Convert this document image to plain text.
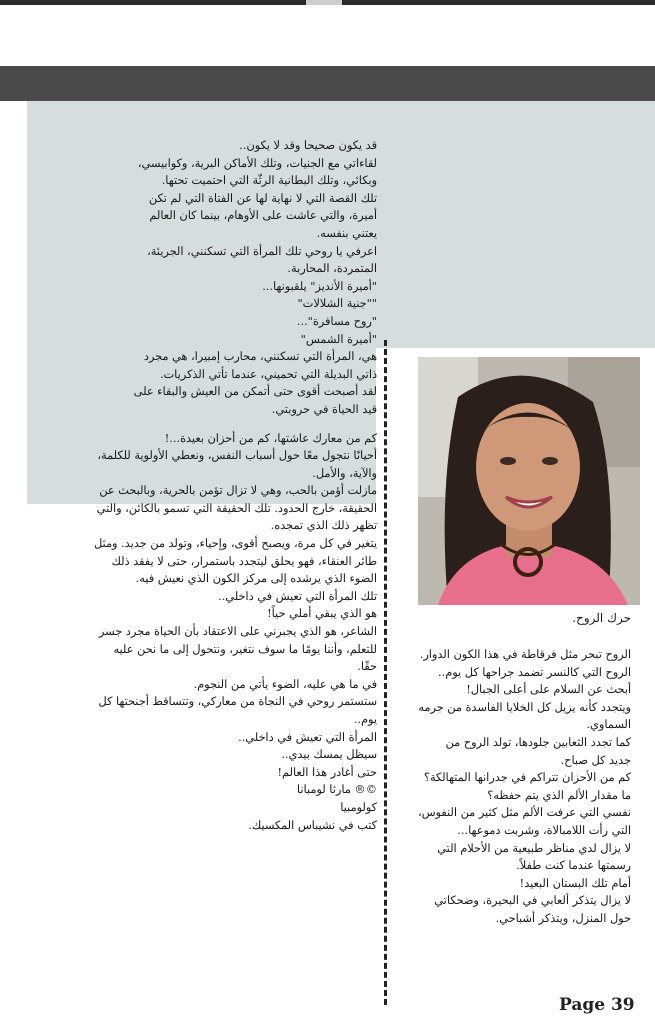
قد يكون صحيحا وقد لا يكون..

لقاءاتي مع الجنيات، وتلك الأماكن البرية، وكوابيسي،

وبكائي، وتلك البطانية الرثّة التي احتميت تحتها.

تلك القصة التي لا نهاية لها عن الفتاة التي لم تكن

أميرة، والتي عاشت على الأوهام، بينما كان العالم

يعتني بنفسه.

اعرفي يا روحي تلك المرأة التي تسكنني، الجريئة،

المتمردة، المحاربة.

"أميرة الأنديز" يلقبونها...

""جنية الشلالات"

"روح مسافرة"...

"أميرة الشمس"

هي، المرأة التي تسكنني، محارب إمبيرا، هي مجرد

ذاتي البديلة التي تحميني، عندما تأتي الذكريات.

لقد أصبحت أقوى حتى أتمكن من العيش والبقاء على

قيد الحياة في حروبتي.

كم من معارك عاشتها، كم من أحزان بعيدة...!

أحيانًا نتجول معًا حول أسباب النفس، ونعطي الأولوية للكلمة،

والآية، والأمل.

مازلت أؤمن بالحب، وهي لا تزال تؤمن بالحرية، وبالبحث عن

الحقيقة، خارج الحدود. تلك الحقيقة التي تسمو بالكائن، والتي

تظهر ذلك الذي تمجده.

يتغير في كل مرة، ويصبح أقوى، وإحياء، وتولد من جديد. ومثل

طائر العنقاء، فهو يحلق ليتجدد باستمرار، حتى لا يفقد ذلك

الضوء الذي يرشده إلى مركز الكون الذي نعيش فيه.

تلك المرأة التي تعيش في داخلي..

هو الذي يبقي أملي حياً!

الشاعر، هو الذي يجبرني على الاعتقاد بأن الحياة مجرد جسر

للتعلم، وأننا يومًا ما سوف نتغير، ونتحول إلى ما نحن عليه

حقًا.

في ما هي عليه، الضوء يأتي من النجوم.

ستستمر روحي في النجاة من معاركي، وتتساقط أجنحتها كل

يوم..

المرأة التي تعيش في داخلي..

سيظل يمسك بيدي..

حتى أغادر هذا العالم!

©® مارثا لومبانا

كولومبيا

كتب في نشيباس المكسيك.

حرك الروح.

الروح تبحر مثل فرقاطة في هذا الكون الدوار.

الروح التي كالنسر تضمد جراحها كل يوم..

أبحث عن السلام على أعلى الجبال!

ويتجدد كأنه يزيل كل الخلايا الفاسدة من جرمه

السماوي.

كما تجدد الثعابين جلودها، تولد الروح من

جديد كل صباح.

كم من الأحزان تتراكم في جدرانها المتهالكة؟

ما مقدار الألم الذي يتم حفظه؟

نفسي التي عرفت الألم مثل كثير من النفوس،

التي رأت اللامبالاة، وشربت دموعها...

لا يزال لدي مناظر طبيعية من الأحلام التي

رسمتها عندما كنت طفلاً.

أمام تلك البستان البعيد!

لا يزال يتذكر ألعابي في البحيرة، وضحكاتي

حول المنزل، ويتذكر أشباحي.

Page 39
